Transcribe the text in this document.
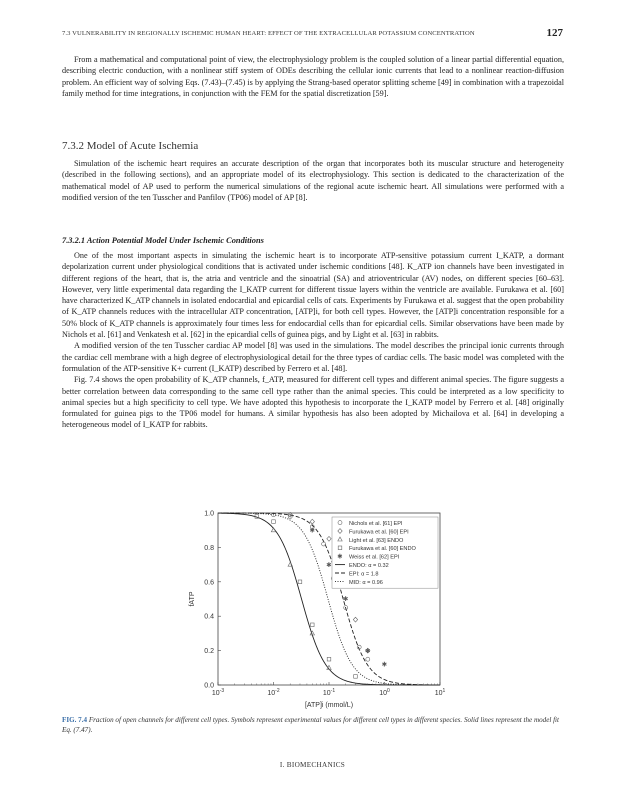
7.3 VULNERABILITY IN REGIONALLY ISCHEMIC HUMAN HEART: EFFECT OF THE EXTRACELLULAR POTASSIUM CONCENTRATION	127

From a mathematical and computational point of view, the electrophysiology problem is the coupled solution of a linear partial differential equation, describing electric conduction, with a nonlinear stiff system of ODEs describing the cellular ionic currents that lead to a nonlinear reaction-diffusion problem. An efficient way of solving Eqs. (7.43)–(7.45) is by applying the Strang-based operator splitting scheme [49] in combination with a trapezoidal family method for time integrations, in conjunction with the FEM for the spatial discretization [59].

7.3.2 Model of Acute Ischemia

Simulation of the ischemic heart requires an accurate description of the organ that incorporates both its muscular structure and heterogeneity (described in the following sections), and an appropriate model of its electrophysiology. This section is dedicated to the characterization of the mathematical model of AP used to perform the numerical simulations of the regional acute ischemic heart. All simulations were performed with a modified version of the ten Tusscher and Panfilov (TP06) model of AP [8].

7.3.2.1 Action Potential Model Under Ischemic Conditions

One of the most important aspects in simulating the ischemic heart is to incorporate ATP-sensitive potassium current I_KATP, a dormant depolarization current under physiological conditions that is activated under ischemic conditions [48]. K_ATP ion channels have been investigated in different regions of the heart, that is, the atria and ventricle and the sinoatrial (SA) and atrioventricular (AV) nodes, on different species [60–63]. However, very little experimental data regarding the I_KATP current for different tissue layers within the ventricle are available. Furukawa et al. [60] have characterized K_ATP channels in isolated endocardial and epicardial cells of cats. Experiments by Furukawa et al. suggest that the open probability of K_ATP channels reduces with the intracellular ATP concentration, [ATP]i, for both cell types. However, the [ATP]i concentration responsible for a 50% block of K_ATP channels is approximately four times less for endocardial cells than for epicardial cells. Similar observations have been made by Nichols et al. [61] and Venkatesh et al. [62] in the epicardial cells of guinea pigs, and by Light et al. [63] in rabbits.

A modified version of the ten Tusscher cardiac AP model [8] was used in the simulations. The model describes the principal ionic currents through the cardiac cell membrane with a high degree of electrophysiological detail for the three types of cardiac cells. The basic model was completed with the formulation of the ATP-sensitive K+ current (I_KATP) described by Ferrero et al. [48].

Fig. 7.4 shows the open probability of K_ATP channels, f_ATP, measured for different cell types and different animal species. The figure suggests a better correlation between data corresponding to the same cell type rather than the animal species. This could be interpreted as a low specificity to animal species but a high specificity to cell type. We have adopted this hypothesis to incorporate the I_KATP model by Ferrero et al. [48] originally formulated for guinea pigs to the TP06 model for humans. A similar hypothesis has also been adopted by Michailova et al. [64] in developing a heterogeneous model of I_KATP for rabbits.

✱
✱
✱
✱
✱
$10^{-3}$	$10^{-2}$	$10^{-1}$	$10^0$	$10^1$
0.0
0.2
0.4
0.6
0.8
1.0
Nichols et al. [61] EPI
Furukawa et al. [60] EPI
Light et al. [63] ENDO
Furukawa et al. [60] ENDO
✱ Weiss et al. [62] EPI
ENDO: α = 0.32
EPI: α = 1.8
MID: α = 0.96
[ATP]i (mmol/L)
fATP
FIG. 7.4 Fraction of open channels for different cell types. Symbols represent experimental values for different cell types in different species. Solid lines represent the model fit Eq. (7.47).
I. BIOMECHANICS
